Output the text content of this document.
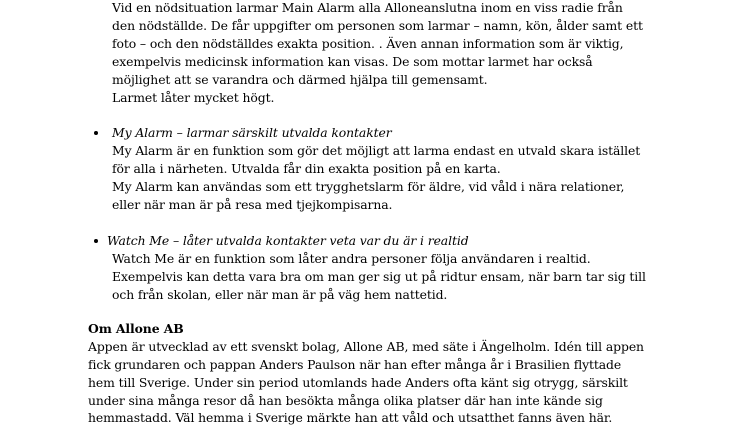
Vid en nödsituation larmar Main Alarm alla Alloneanslutna inom en viss radie från
den nödställde. De får uppgifter om personen som larmar – namn, kön, ålder samt ett
foto – och den nödställdes exakta position. . Även annan information som är viktig,
exempelvis medicinsk information kan visas. De som mottar larmet har också
möjlighet att se varandra och därmed hjälpa till gemensamt.
Larmet låter mycket högt.
My Alarm – larmar särskilt utvalda kontakter
My Alarm är en funktion som gör det möjligt att larma endast en utvald skara istället
för alla i närheten. Utvalda får din exakta position på en karta.
My Alarm kan användas som ett trygghetslarm för äldre, vid våld i nära relationer,
eller när man är på resa med tjejkompisarna.
Watch Me – låter utvalda kontakter veta var du är i realtid
Watch Me är en funktion som låter andra personer följa användaren i realtid.
Exempelvis kan detta vara bra om man ger sig ut på ridtur ensam, när barn tar sig till
och från skolan, eller när man är på väg hem nattetid.
Om Allone AB
Appen är utvecklad av ett svenskt bolag, Allone AB, med säte i Ängelholm. Idén till appen
fick grundaren och pappan Anders Paulson när han efter många år i Brasilien flyttade
hem till Sverige. Under sin period utomlands hade Anders ofta känt sig otrygg, särskilt
under sina många resor då han besökta många olika platser där han inte kände sig
hemmastadd. Väl hemma i Sverige märkte han att våld och utsatthet fanns även här.
